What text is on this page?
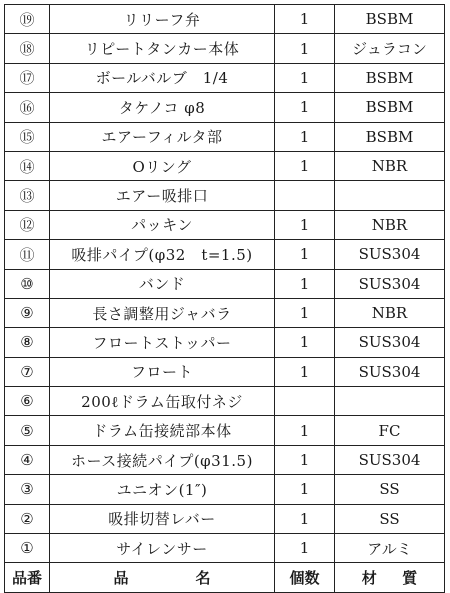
⑲	リリーフ弁	1	BSBM
⑱	リピートタンカー本体	1	ジュラコン
⑰	ボールバルブ　1/4	1	BSBM
⑯	タケノコ φ8	1	BSBM
⑮	エアーフィルタ部	1	BSBM
⑭	Oリング	1	NBR
⑬	エアー吸排口		
⑫	パッキン	1	NBR
⑪	吸排パイプ(φ32　t=1.5)	1	SUS304
⑩	バンド	1	SUS304
⑨	長さ調整用ジャバラ	1	NBR
⑧	フロートストッパー	1	SUS304
⑦	フロート	1	SUS304
⑥	200ℓドラム缶取付ネジ		
⑤	ドラム缶接続部本体	1	FC
④	ホース接続パイプ(φ31.5)	1	SUS304
③	ユニオン(1″)	1	SS
②	吸排切替レバー	1	SS
①	サイレンサー	1	アルミ
品番	品 名	個数	材 質
